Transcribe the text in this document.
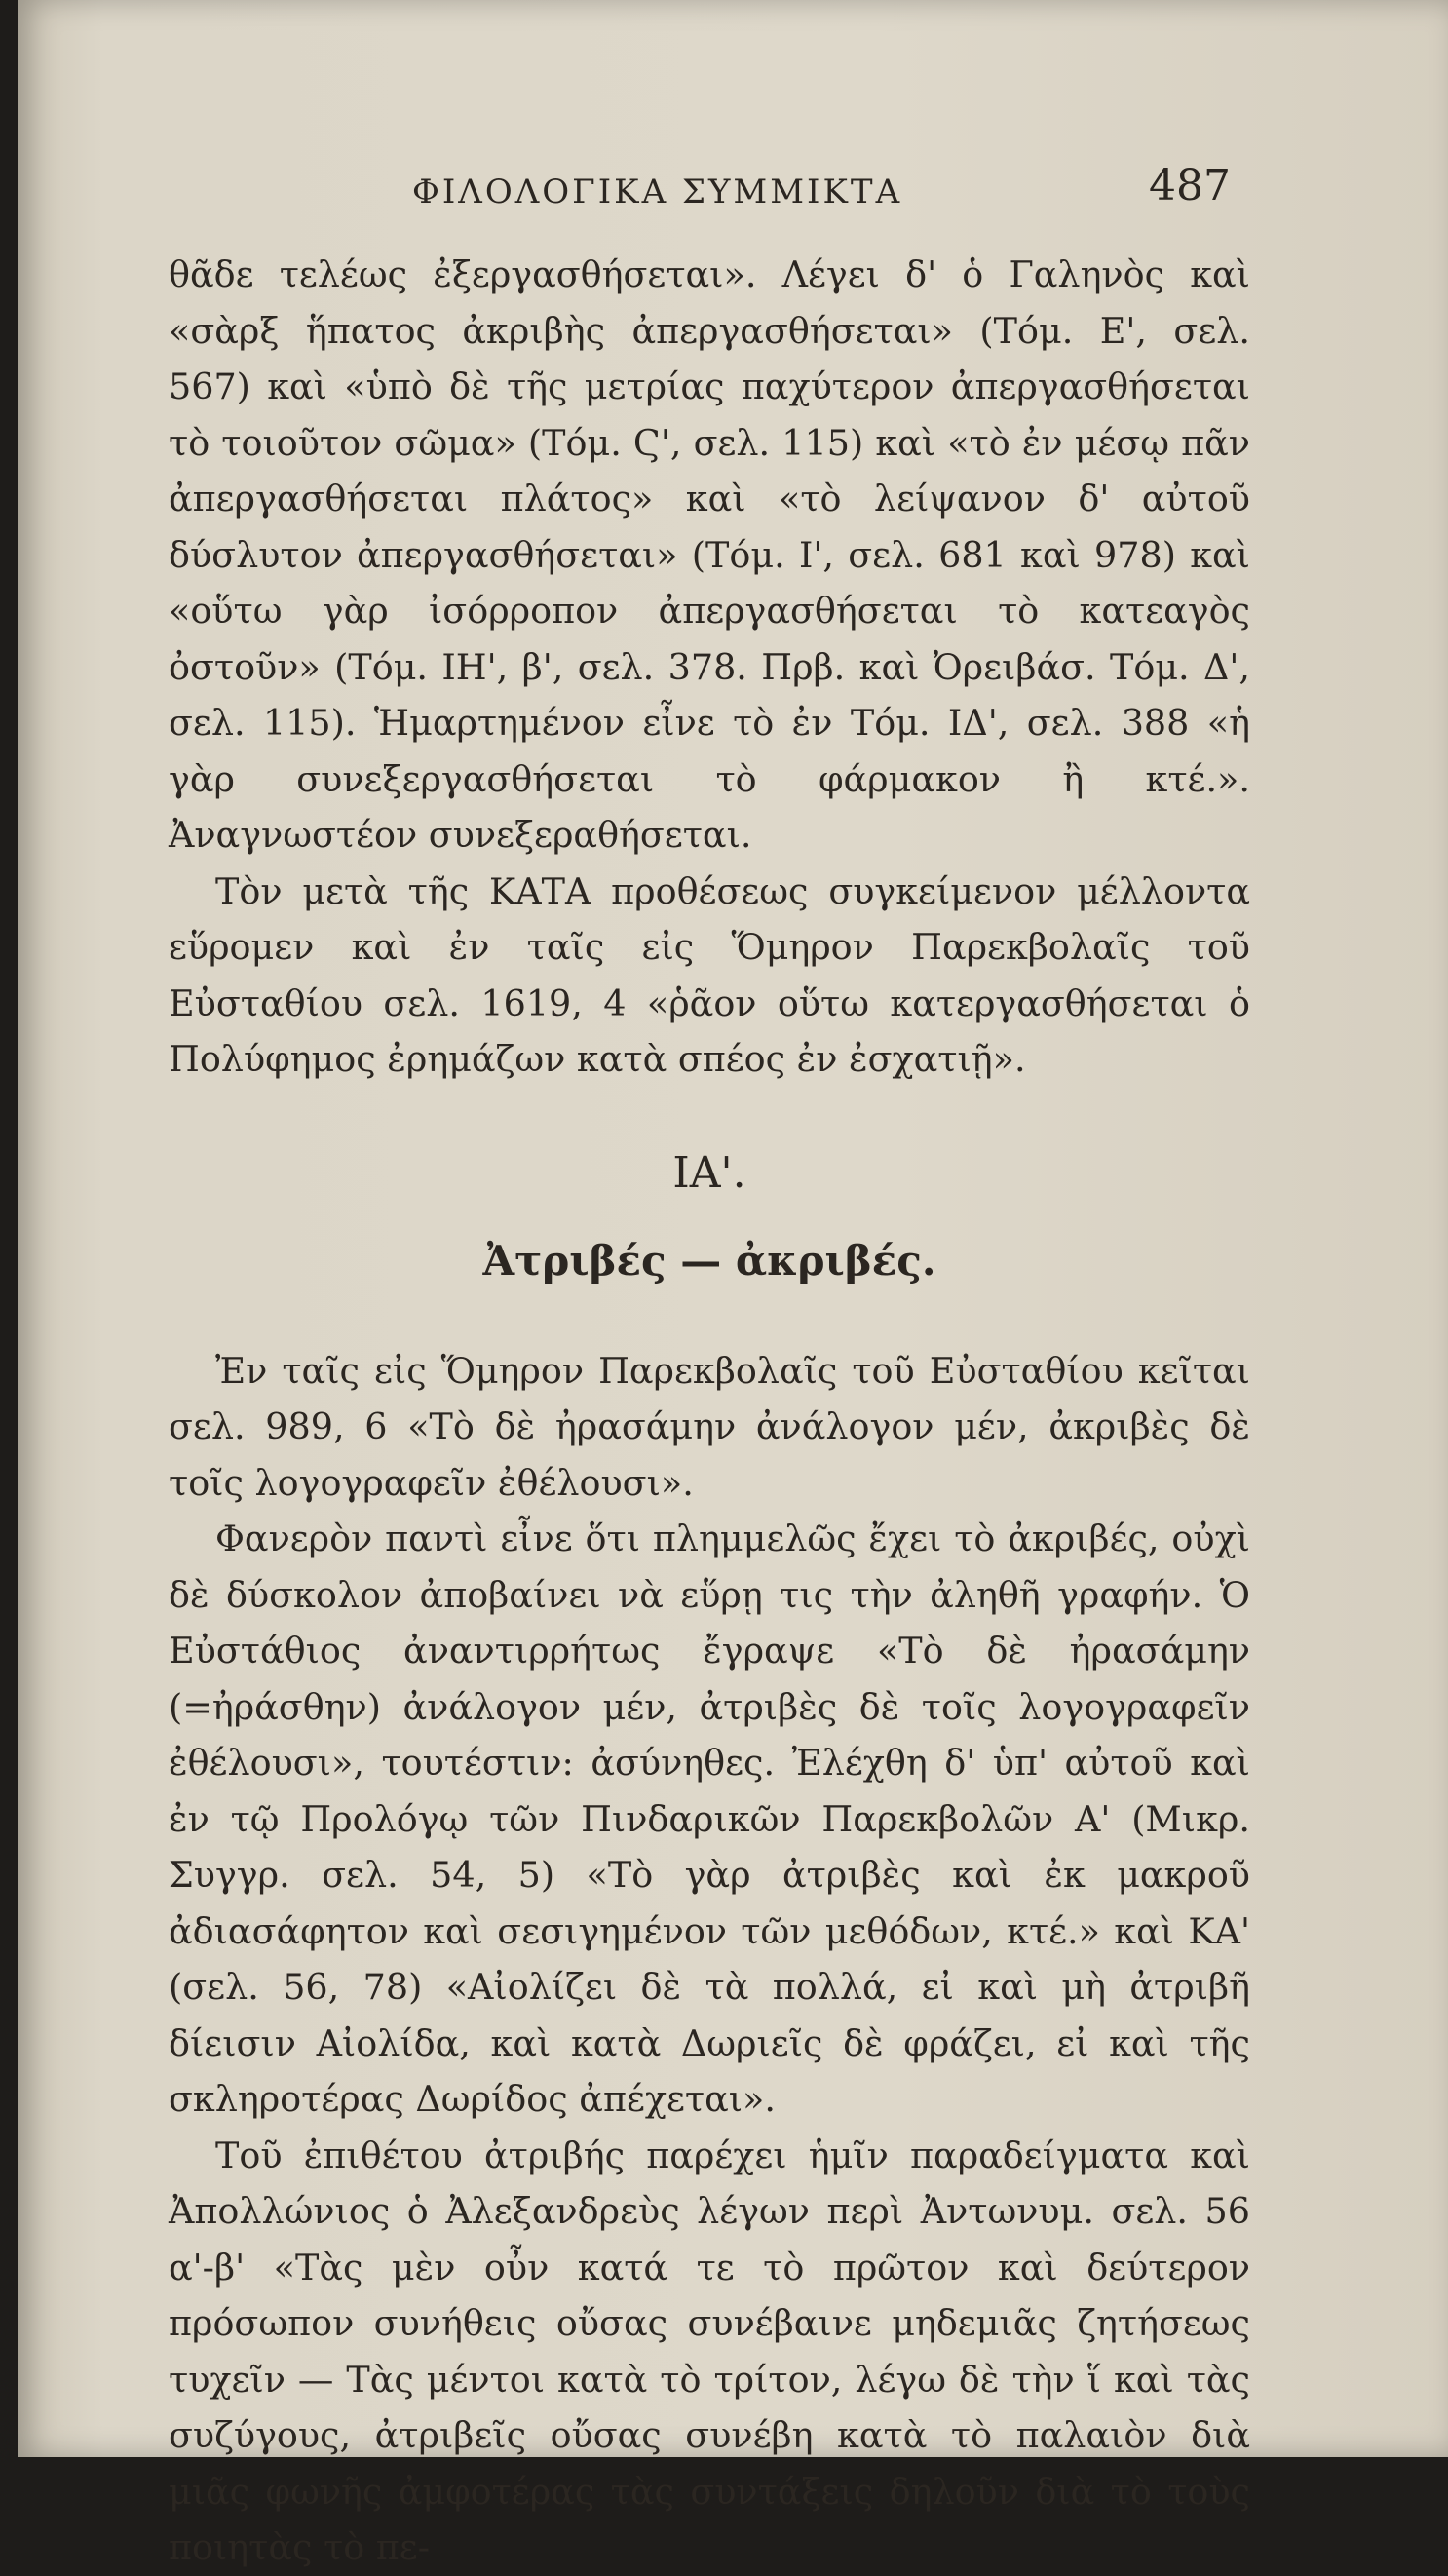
ΦΙΛΟΛΟΓΙΚΑ ΣΥΜΜΙΚΤΑ	487

θᾶδε τελέως ἐξεργασθήσεται». Λέγει δ' ὁ Γαληνὸς καὶ «σὰρξ ἥπατος ἀκριβὴς ἀπεργασθήσεται» (Τόμ. Ε', σελ. 567) καὶ «ὑπὸ δὲ τῆς μετρίας παχύτερον ἀπεργασθήσεται τὸ τοιοῦτον σῶμα» (Τόμ. Ϛ', σελ. 115) καὶ «τὸ ἐν μέσῳ πᾶν ἀπεργασθήσεται πλάτος» καὶ «τὸ λείψανον δ' αὐτοῦ δύσλυτον ἀπεργασθήσεται» (Τόμ. Ι', σελ. 681 καὶ 978) καὶ «οὕτω γὰρ ἰσόρροπον ἀπεργασθήσεται τὸ κατεαγὸς ὀστοῦν» (Τόμ. ΙΗ', β', σελ. 378. Πρβ. καὶ Ὀρειβάσ. Τόμ. Δ', σελ. 115). Ἡμαρτημένον εἶνε τὸ ἐν Τόμ. ΙΔ', σελ. 388 «ἡ γὰρ συνεξεργασθήσεται τὸ φάρμακον ἢ κτέ.». Ἀναγνωστέον συνεξεραθήσεται.

Τὸν μετὰ τῆς ΚΑΤΑ προθέσεως συγκείμενον μέλλοντα εὕρομεν καὶ ἐν ταῖς εἰς Ὅμηρον Παρεκβολαῖς τοῦ Εὐσταθίου σελ. 1619, 4 «ῥᾶον οὕτω κατεργασθήσεται ὁ Πολύφημος ἐρημάζων κατὰ σπέος ἐν ἐσχατιῇ».

ΙΑ'.
Ἀτριβές — ἀκριβές.

Ἐν ταῖς εἰς Ὅμηρον Παρεκβολαῖς τοῦ Εὐσταθίου κεῖται σελ. 989, 6 «Τὸ δὲ ἠρασάμην ἀνάλογον μέν, ἀκριβὲς δὲ τοῖς λογογραφεῖν ἐθέλουσι».

Φανερὸν παντὶ εἶνε ὅτι πλημμελῶς ἔχει τὸ ἀκριβές, οὐχὶ δὲ δύσκολον ἀποβαίνει νὰ εὕρῃ τις τὴν ἀληθῆ γραφήν. Ὁ Εὐστάθιος ἀναντιρρήτως ἔγραψε «Τὸ δὲ ἠρασάμην (=ἠράσθην) ἀνάλογον μέν, ἀτριβὲς δὲ τοῖς λογογραφεῖν ἐθέλουσι», τουτέστιν: ἀσύνηθες. Ἐλέχθη δ' ὑπ' αὐτοῦ καὶ ἐν τῷ Προλόγῳ τῶν Πινδαρικῶν Παρεκβολῶν Α' (Μικρ. Συγγρ. σελ. 54, 5) «Τὸ γὰρ ἀτριβὲς καὶ ἐκ μακροῦ ἀδιασάφητον καὶ σεσιγημένον τῶν μεθόδων, κτέ.» καὶ ΚΑ' (σελ. 56, 78) «Αἰολίζει δὲ τὰ πολλά, εἰ καὶ μὴ ἀτριβῆ δίεισιν Αἰολίδα, καὶ κατὰ Δωριεῖς δὲ φράζει, εἰ καὶ τῆς σκληροτέρας Δωρίδος ἀπέχεται».

Τοῦ ἐπιθέτου ἀτριβής παρέχει ἡμῖν παραδείγματα καὶ Ἀπολλώνιος ὁ Ἀλεξανδρεὺς λέγων περὶ Ἀντωνυμ. σελ. 56 α'-β' «Τὰς μὲν οὖν κατά τε τὸ πρῶτον καὶ δεύτερον πρόσωπον συνήθεις οὔσας συνέβαινε μηδεμιᾶς ζητήσεως τυχεῖν — Τὰς μέντοι κατὰ τὸ τρίτον, λέγω δὲ τὴν ἵ καὶ τὰς συζύγους, ἀτριβεῖς οὔσας συνέβη κατὰ τὸ παλαιὸν διὰ μιᾶς φωνῆς ἀμφοτέρας τὰς συντάξεις δηλοῦν διὰ τὸ τοὺς ποιητὰς τὸ πε-
